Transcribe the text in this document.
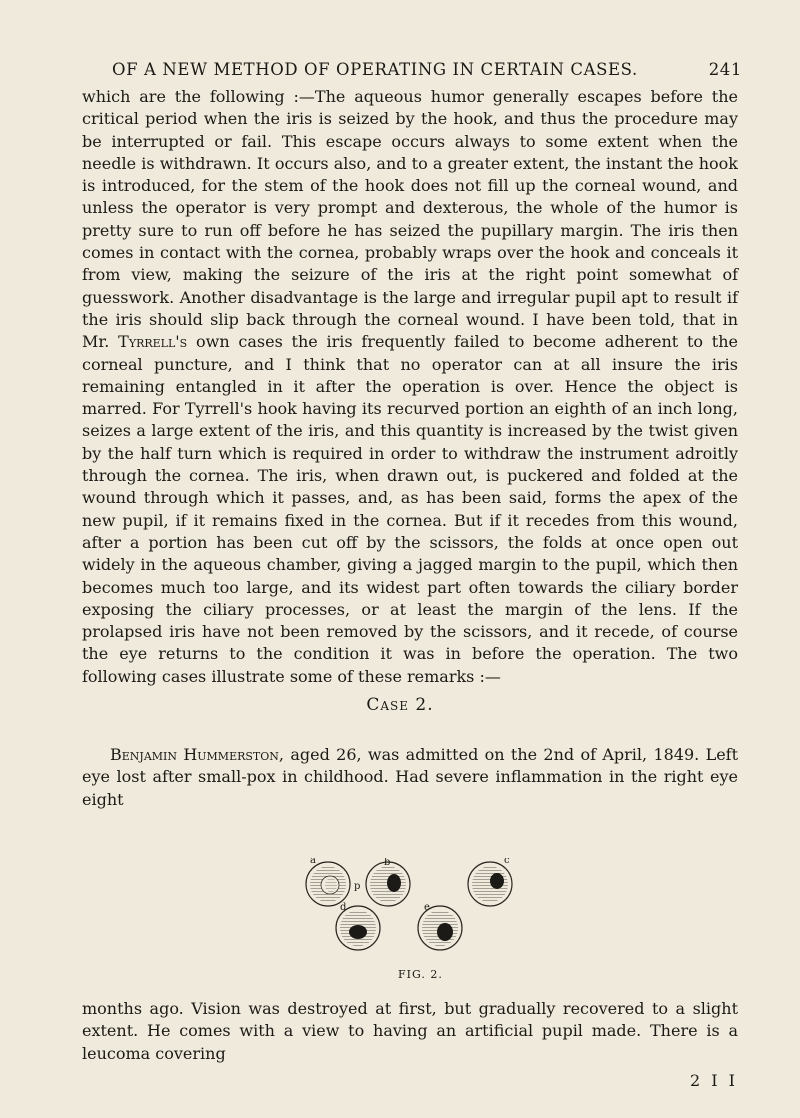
OF A NEW METHOD OF OPERATING IN CERTAIN CASES.	241

which are the following :—The aqueous humor generally escapes before the critical period when the iris is seized by the hook, and thus the procedure may be interrupted or fail. This escape occurs always to some extent when the needle is withdrawn. It occurs also, and to a greater extent, the instant the hook is introduced, for the stem of the hook does not fill up the corneal wound, and unless the operator is very prompt and dexterous, the whole of the humor is pretty sure to run off before he has seized the pupillary margin. The iris then comes in contact with the cornea, probably wraps over the hook and conceals it from view, making the seizure of the iris at the right point somewhat of guesswork. Another disadvantage is the large and irregular pupil apt to result if the iris should slip back through the corneal wound. I have been told, that in Mr. Tyrrell's own cases the iris frequently failed to become adherent to the corneal puncture, and I think that no operator can at all insure the iris remaining entangled in it after the operation is over. Hence the object is marred. For Tyrrell's hook having its recurved portion an eighth of an inch long, seizes a large extent of the iris, and this quantity is increased by the twist given by the half turn which is required in order to withdraw the instrument adroitly through the cornea. The iris, when drawn out, is puckered and folded at the wound through which it passes, and, as has been said, forms the apex of the new pupil, if it remains fixed in the cornea. But if it recedes from this wound, after a portion has been cut off by the scissors, the folds at once open out widely in the aqueous chamber, giving a jagged margin to the pupil, which then becomes much too large, and its widest part often towards the ciliary border exposing the ciliary processes, or at least the margin of the lens. If the prolapsed iris have not been removed by the scissors, and it recede, of course the eye returns to the condition it was in before the operation. The two following cases illustrate some of these remarks :—

Case 2.

Benjamin Hummerston, aged 26, was admitted on the 2nd of April, 1849. Left eye lost after small-pox in childhood. Had severe inflammation in the right eye eight

a	b	c
p
d	e
FIG. 2.

months ago. Vision was destroyed at first, but gradually recovered to a slight extent. He comes with a view to having an artificial pupil made. There is a leucoma covering

2 I I
